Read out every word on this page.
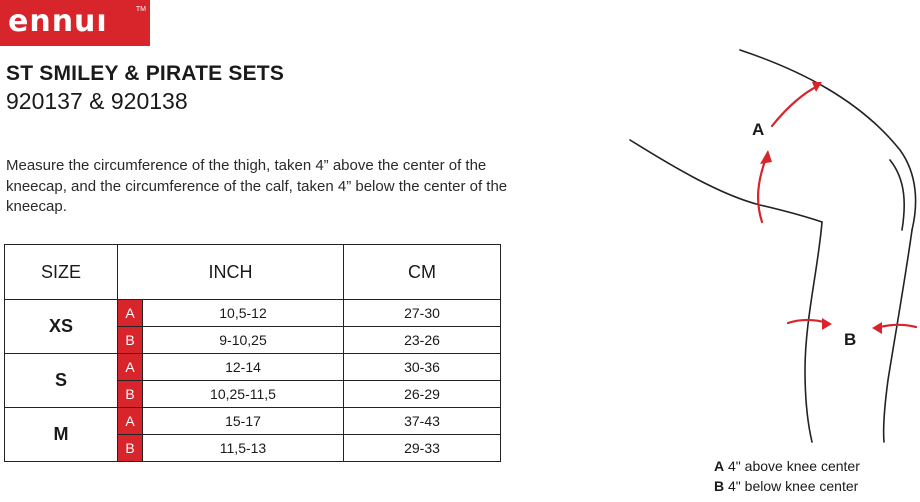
ennuı	TM
ST SMILEY & PIRATE SETS
920137 & 920138
Measure the circumference of the thigh, taken 4” above the center of the kneecap, and the circumference of the calf, taken 4” below the center of the kneecap.
SIZE	INCH		CM
XS	A	10,5-12	27-30
	B	9-10,25	23-26
S	A	12-14	30-36
	B	10,25-11,5	26-29
M	A	15-17	37-43
	B	11,5-13	29-33
A
B
A 4" above knee center
B 4" below knee center
